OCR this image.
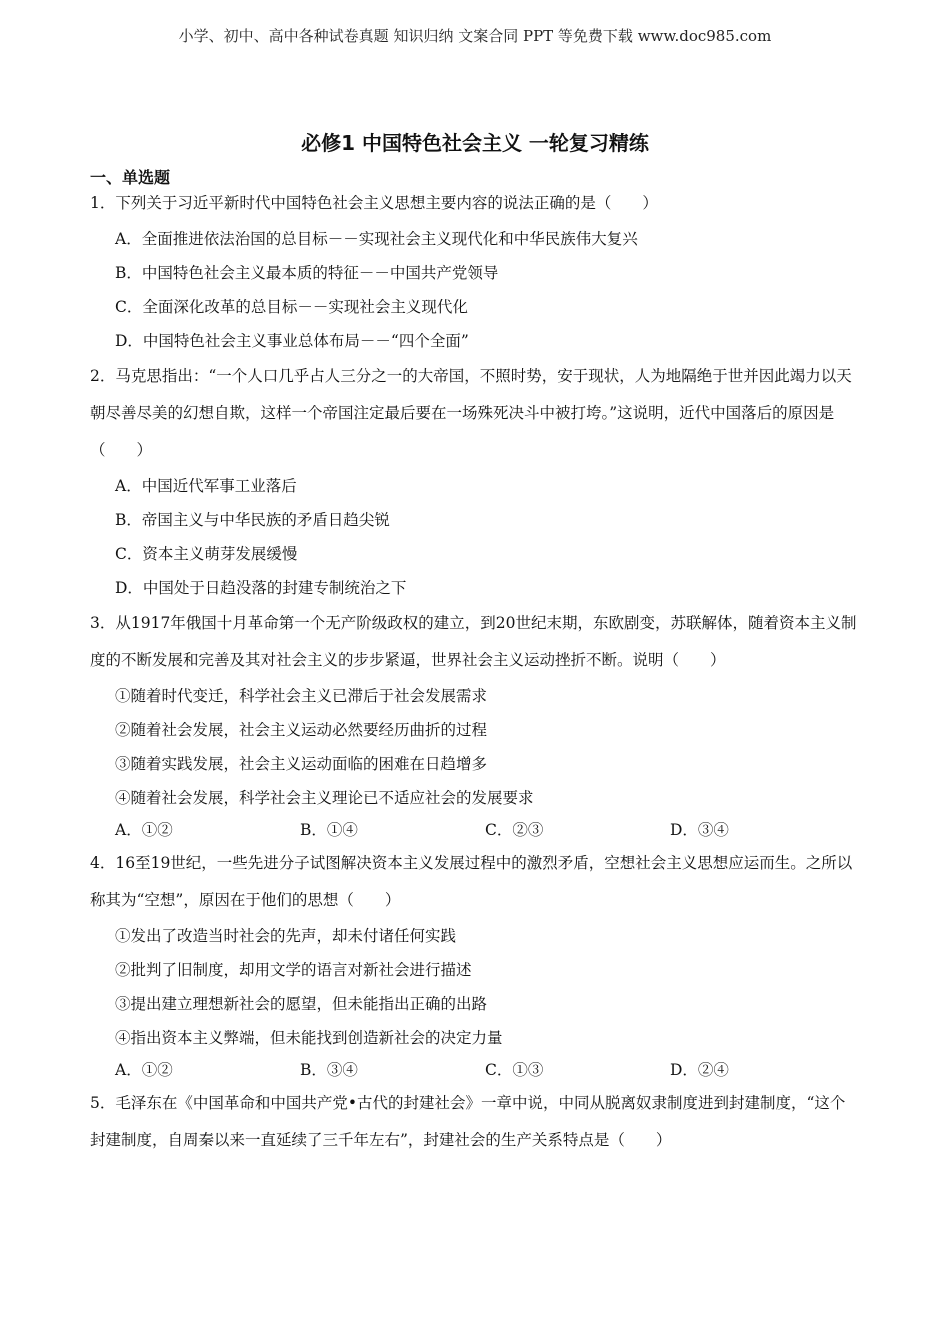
小学、初中、高中各种试卷真题 知识归纳 文案合同 PPT 等免费下载 www.doc985.com
必修1 中国特色社会主义 一轮复习精练
一、单选题

1．下列关于习近平新时代中国特色社会主义思想主要内容的说法正确的是（　　）

A．全面推进依法治国的总目标－－实现社会主义现代化和中华民族伟大复兴
B．中国特色社会主义最本质的特征－－中国共产党领导
C．全面深化改革的总目标－－实现社会主义现代化
D．中国特色社会主义事业总体布局－－“四个全面”

2．马克思指出：“一个人口几乎占人三分之一的大帝国，不照时势，安于现状，人为地隔绝于世并因此竭力以天朝尽善尽美的幻想自欺，这样一个帝国注定最后要在一场殊死决斗中被打垮。”这说明，近代中国落后的原因是（　　）

A．中国近代军事工业落后
B．帝国主义与中华民族的矛盾日趋尖锐
C．资本主义萌芽发展缓慢
D．中国处于日趋没落的封建专制统治之下

3．从1917年俄国十月革命第一个无产阶级政权的建立，到20世纪末期，东欧剧变，苏联解体，随着资本主义制度的不断发展和完善及其对社会主义的步步紧逼，世界社会主义运动挫折不断。说明（　　）

①随着时代变迁，科学社会主义已滞后于社会发展需求
②随着社会发展，社会主义运动必然要经历曲折的过程
③随着实践发展，社会主义运动面临的困难在日趋增多
④随着社会发展，科学社会主义理论已不适应社会的发展要求
A．①②	B．①④	C．②③	D．③④

4．16至19世纪，一些先进分子试图解决资本主义发展过程中的激烈矛盾，空想社会主义思想应运而生。之所以称其为“空想”，原因在于他们的思想（　　）

①发出了改造当时社会的先声，却未付诸任何实践
②批判了旧制度，却用文学的语言对新社会进行描述
③提出建立理想新社会的愿望，但未能指出正确的出路
④指出资本主义弊端，但未能找到创造新社会的决定力量
A．①②	B．③④	C．①③	D．②④

5．毛泽东在《中国革命和中国共产党•古代的封建社会》一章中说，中同从脱离奴隶制度进到封建制度，“这个封建制度，自周秦以来一直延续了三千年左右”，封建社会的生产关系特点是（　　）
